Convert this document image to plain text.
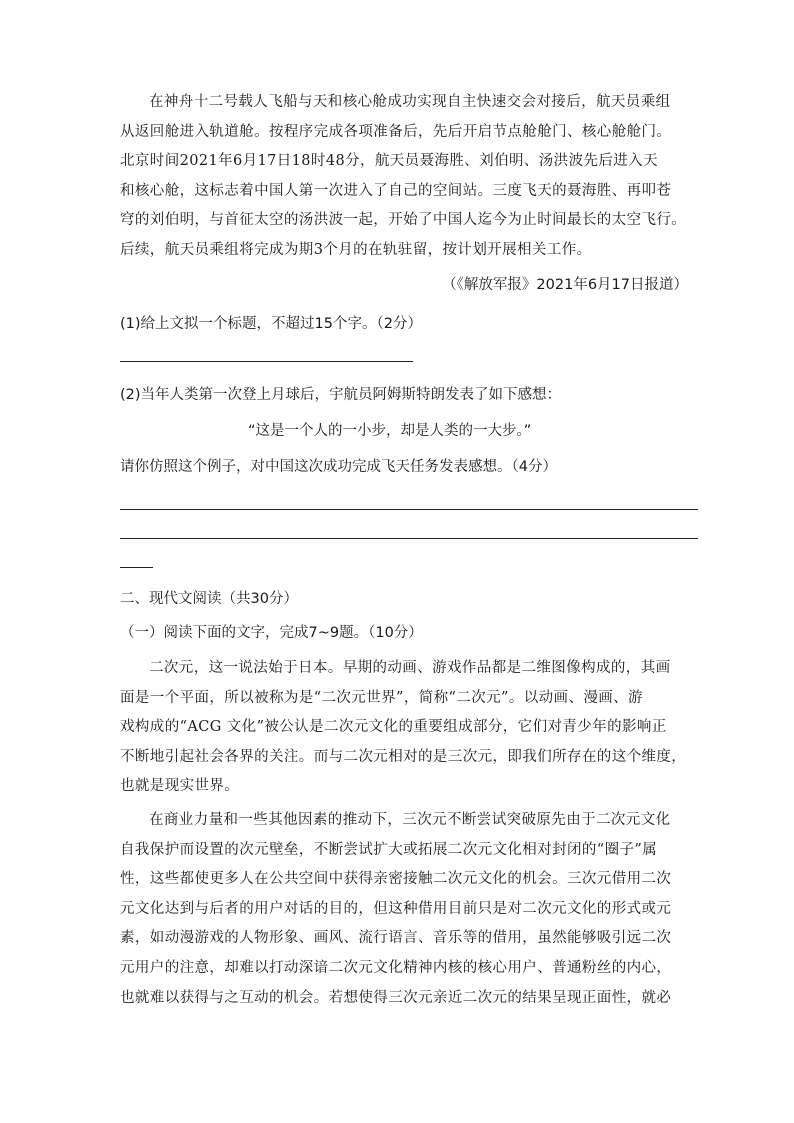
在神舟十二号载人飞船与天和核心舱成功实现自主快速交会对接后，航天员乘组
从返回舱进入轨道舱。按程序完成各项准备后，先后开启节点舱舱门、核心舱舱门。
北京时间2021年6月17日18时48分，航天员聂海胜、刘伯明、汤洪波先后进入天
和核心舱，这标志着中国人第一次进入了自己的空间站。三度飞天的聂海胜、再叩苍
穹的刘伯明，与首征太空的汤洪波一起，开始了中国人迄今为止时间最长的太空飞行。
后续，航天员乘组将完成为期3个月的在轨驻留，按计划开展相关工作。
（《解放军报》2021年6月17日报道）
(1)给上文拟一个标题，不超过15个字。（2分）
(2)当年人类第一次登上月球后，宇航员阿姆斯特朗发表了如下感想：
“这是一个人的一小步，却是人类的一大步。”
请你仿照这个例子，对中国这次成功完成飞天任务发表感想。（4分）
二、现代文阅读（共30分）
（一）阅读下面的文字，完成7~9题。（10分）
二次元，这一说法始于日本。早期的动画、游戏作品都是二维图像构成的，其画
面是一个平面，所以被称为是“二次元世界”，简称“二次元”。以动画、漫画、游
戏构成的“ACG 文化”被公认是二次元文化的重要组成部分，它们对青少年的影响正
不断地引起社会各界的关注。而与二次元相对的是三次元，即我们所存在的这个维度，
也就是现实世界。
在商业力量和一些其他因素的推动下，三次元不断尝试突破原先由于二次元文化
自我保护而设置的次元壁垒，不断尝试扩大或拓展二次元文化相对封闭的“圈子”属
性，这些都使更多人在公共空间中获得亲密接触二次元文化的机会。三次元借用二次
元文化达到与后者的用户对话的目的，但这种借用目前只是对二次元文化的形式或元
素，如动漫游戏的人物形象、画风、流行语言、音乐等的借用，虽然能够吸引远二次
元用户的注意，却难以打动深谙二次元文化精神内核的核心用户、普通粉丝的内心，
也就难以获得与之互动的机会。若想使得三次元亲近二次元的结果呈现正面性，就必
